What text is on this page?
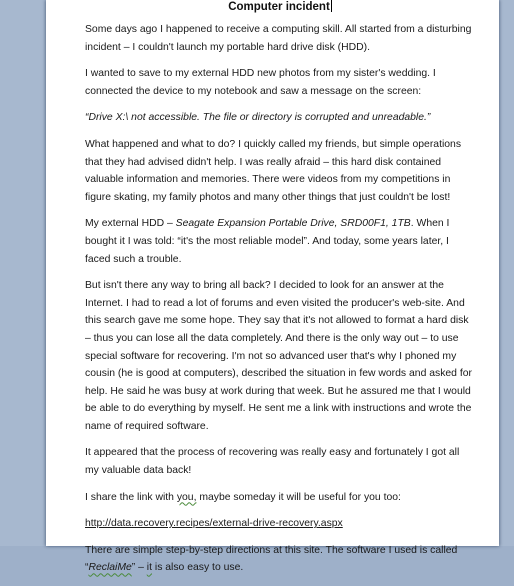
Computer incident

Some days ago I happened to receive a computing skill. All started from a disturbing incident – I couldn't launch my portable hard drive disk (HDD).

I wanted to save to my external HDD new photos from my sister's wedding. I connected the device to my notebook and saw a message on the screen:

“Drive X:\ not accessible. The file or directory is corrupted and unreadable.”

What happened and what to do? I quickly called my friends, but simple operations that they had advised didn't help. I was really afraid – this hard disk contained valuable information and memories. There were videos from my competitions in figure skating, my family photos and many other things that just couldn't be lost!

My external HDD – Seagate Expansion Portable Drive, SRD00F1, 1TB. When I bought it I was told: “it's the most reliable model”. And today, some years later, I faced such a trouble.

But isn't there any way to bring all back? I decided to look for an answer at the Internet. I had to read a lot of forums and even visited the producer's web-site. And this search gave me some hope. They say that it's not allowed to format a hard disk – thus you can lose all the data completely. And there is the only way out – to use special software for recovering. I'm not so advanced user that's why I phoned my cousin (he is good at computers), described the situation in few words and asked for help. He said he was busy at work during that week. But he assured me that I would be able to do everything by myself. He sent me a link with instructions and wrote the name of required software.

It appeared that the process of recovering was really easy and fortunately I got all my valuable data back!

I share the link with you, maybe someday it will be useful for you too:

http://data.recovery.recipes/external-drive-recovery.aspx

There are simple step-by-step directions at this site. The software I used is called “ReclaiMe” – it is also easy to use.
